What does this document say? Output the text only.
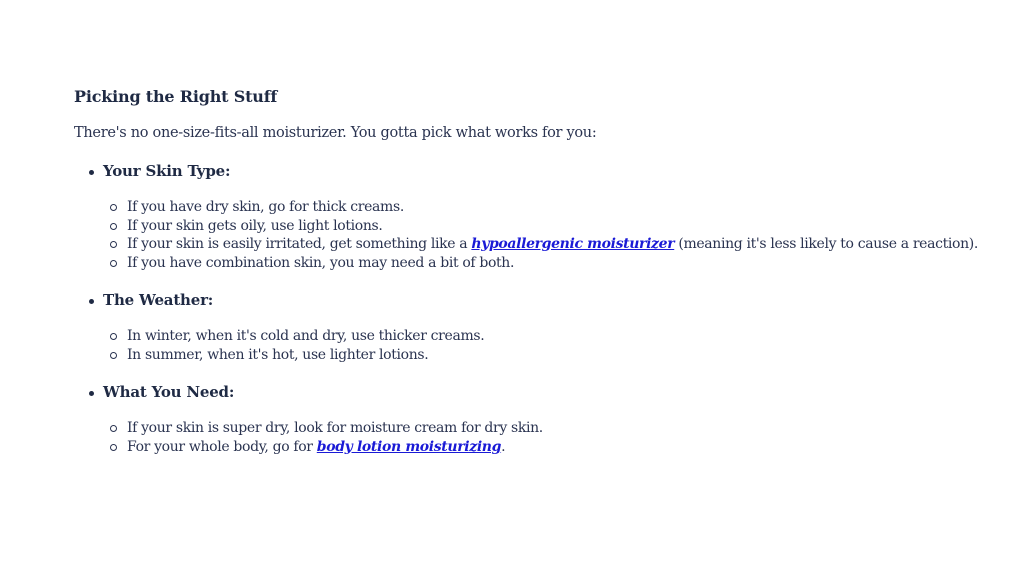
Picking the Right Stuff

There's no one-size-fits-all moisturizer. You gotta pick what works for you:

Your Skin Type:
If you have dry skin, go for thick creams.
If your skin gets oily, use light lotions.
If your skin is easily irritated, get something like a hypoallergenic moisturizer (meaning it's less likely to cause a reaction).
If you have combination skin, you may need a bit of both.
The Weather:
In winter, when it's cold and dry, use thicker creams.
In summer, when it's hot, use lighter lotions.
What You Need:
If your skin is super dry, look for moisture cream for dry skin.
For your whole body, go for body lotion moisturizing.
